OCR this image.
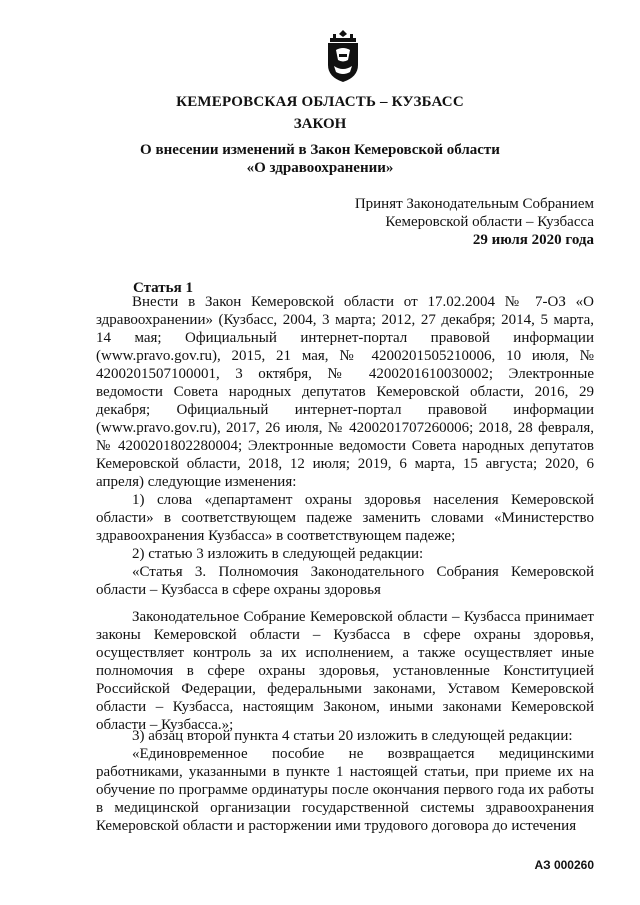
КЕМЕРОВСКАЯ ОБЛАСТЬ – КУЗБАСС
ЗАКОН
О внесении изменений в Закон Кемеровской области
«О здравоохранении»
Принят Законодательным Собранием
Кемеровской области – Кузбасса
29 июля 2020 года
Статья 1
Внести в Закон Кемеровской области от 17.02.2004 № 7-ОЗ «О здравоохранении» (Кузбасс, 2004, 3 марта; 2012, 27 декабря; 2014, 5 марта, 14 мая; Официальный интернет-портал правовой информации (www.pravo.gov.ru), 2015, 21 мая, № 4200201505210006, 10 июля, № 4200201507100001, 3 октября, № 4200201610030002; Электронные ведомости Совета народных депутатов Кемеровской области, 2016, 29 декабря; Официальный интернет-портал правовой информации (www.pravo.gov.ru), 2017, 26 июля, № 4200201707260006; 2018, 28 февраля, № 4200201802280004; Электронные ведомости Совета народных депутатов Кемеровской области, 2018, 12 июля; 2019, 6 марта, 15 августа; 2020, 6 апреля) следующие изменения:
1) слова «департамент охраны здоровья населения Кемеровской области» в соответствующем падеже заменить словами «Министерство здравоохранения Кузбасса» в соответствующем падеже;
2) статью 3 изложить в следующей редакции:
«Статья 3. Полномочия Законодательного Собрания Кемеровской области – Кузбасса в сфере охраны здоровья
Законодательное Собрание Кемеровской области – Кузбасса принимает законы Кемеровской области – Кузбасса в сфере охраны здоровья, осуществляет контроль за их исполнением, а также осуществляет иные полномочия в сфере охраны здоровья, установленные Конституцией Российской Федерации, федеральными законами, Уставом Кемеровской области – Кузбасса, настоящим Законом, иными законами Кемеровской области – Кузбасса.»;
3) абзац второй пункта 4 статьи 20 изложить в следующей редакции:
«Единовременное пособие не возвращается медицинскими работниками, указанными в пункте 1 настоящей статьи, при приеме их на обучение по программе ординатуры после окончания первого года их работы в медицинской организации государственной системы здравоохранения Кемеровской области и расторжении ими трудового договора до истечения
АЗ 000260
